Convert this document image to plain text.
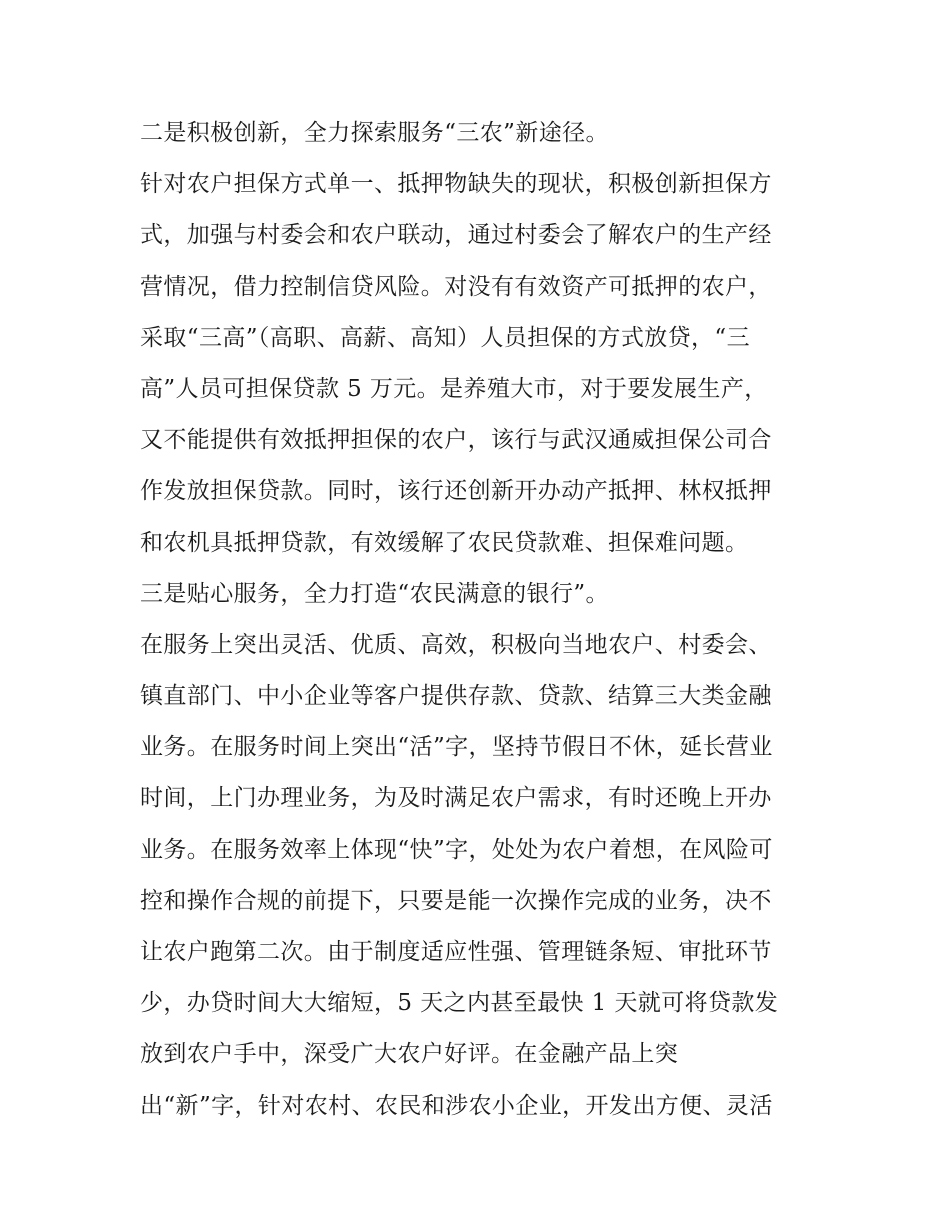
二是积极创新，全力探索服务“三农”新途径。
针对农户担保方式单一、抵押物缺失的现状，积极创新担保方
式，加强与村委会和农户联动，通过村委会了解农户的生产经
营情况，借力控制信贷风险。对没有有效资产可抵押的农户，
采取“三高”（高职、高薪、高知）人员担保的方式放贷，“三
高”人员可担保贷款 5 万元。是养殖大市，对于要发展生产，
又不能提供有效抵押担保的农户，该行与武汉通威担保公司合
作发放担保贷款。同时，该行还创新开办动产抵押、林权抵押
和农机具抵押贷款，有效缓解了农民贷款难、担保难问题。
三是贴心服务，全力打造“农民满意的银行”。
在服务上突出灵活、优质、高效，积极向当地农户、村委会、
镇直部门、中小企业等客户提供存款、贷款、结算三大类金融
业务。在服务时间上突出“活”字，坚持节假日不休，延长营业
时间，上门办理业务，为及时满足农户需求，有时还晚上开办
业务。在服务效率上体现“快”字，处处为农户着想，在风险可
控和操作合规的前提下，只要是能一次操作完成的业务，决不
让农户跑第二次。由于制度适应性强、管理链条短、审批环节
少，办贷时间大大缩短，5 天之内甚至最快 1 天就可将贷款发
放到农户手中，深受广大农户好评。在金融产品上突
出“新”字，针对农村、农民和涉农小企业，开发出方便、灵活
